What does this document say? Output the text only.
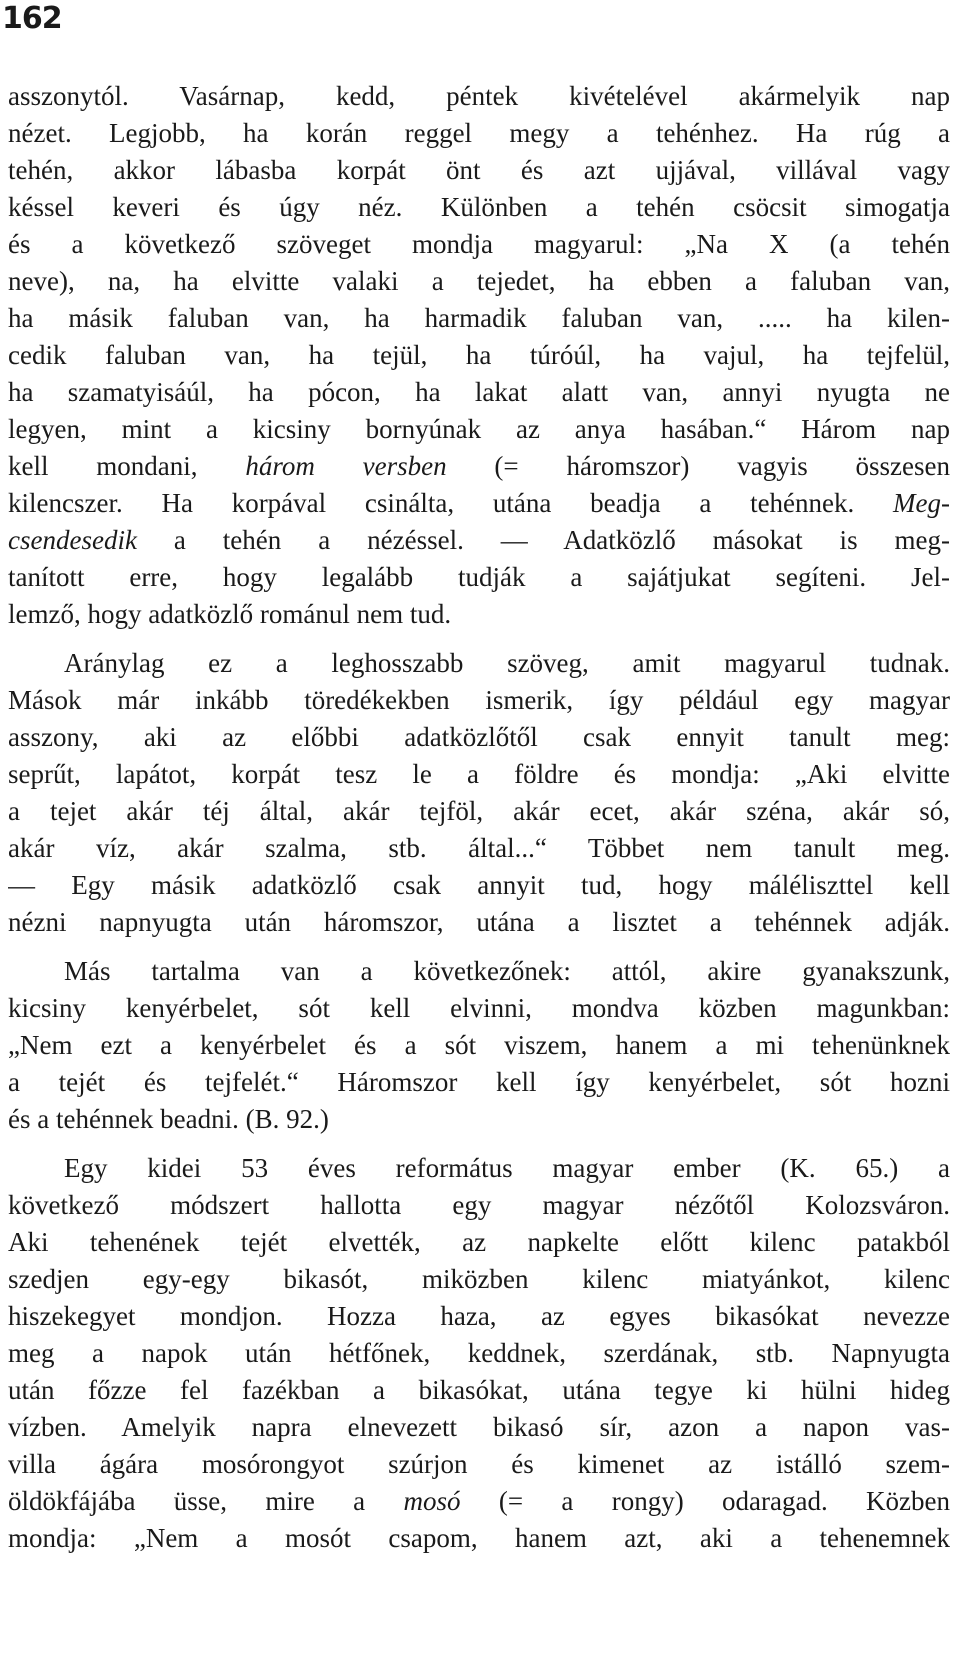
162
asszonytól. Vasárnap, kedd, péntek kivételével akármelyik nap
nézet. Legjobb, ha korán reggel megy a tehénhez. Ha rúg a
tehén, akkor lábasba korpát önt és azt ujjával, villával vagy
késsel keveri és úgy néz. Különben a tehén csöcsit simogatja
és a következő szöveget mondja magyarul: „Na X (a tehén
neve), na, ha elvitte valaki a tejedet, ha ebben a faluban van,
ha másik faluban van, ha harmadik faluban van, ..... ha kilen-
cedik faluban van, ha tejül, ha túróúl, ha vajul, ha tejfelül,
ha szamatyisáúl, ha pócon, ha lakat alatt van, annyi nyugta ne
legyen, mint a kicsiny bornyúnak az anya hasában.“ Három nap
kell mondani, három versben (= háromszor) vagyis összesen
kilencszer. Ha korpával csinálta, utána beadja a tehénnek. Meg-
csendesedik a tehén a nézéssel. — Adatközlő másokat is meg-
tanított erre, hogy legalább tudják a sajátjukat segíteni. Jel-
lemző, hogy adatközlő románul nem tud.
Aránylag ez a leghosszabb szöveg, amit magyarul tudnak.
Mások már inkább töredékekben ismerik, így például egy magyar
asszony, aki az előbbi adatközlőtől csak ennyit tanult meg:
seprűt, lapátot, korpát tesz le a földre és mondja: „Aki elvitte
a tejet akár téj által, akár tejföl, akár ecet, akár széna, akár só,
akár víz, akár szalma, stb. által...“ Többet nem tanult meg.
— Egy másik adatközlő csak annyit tud, hogy máléliszttel kell
nézni napnyugta után háromszor, utána a lisztet a tehénnek adják.
Más tartalma van a következőnek: attól, akire gyanakszunk,
kicsiny kenyérbelet, sót kell elvinni, mondva közben magunkban:
„Nem ezt a kenyérbelet és a sót viszem, hanem a mi tehenünknek
a tejét és tejfelét.“ Háromszor kell így kenyérbelet, sót hozni
és a tehénnek beadni. (B. 92.)
Egy kidei 53 éves református magyar ember (K. 65.) a
következő módszert hallotta egy magyar nézőtől Kolozsváron.
Aki tehenének tejét elvették, az napkelte előtt kilenc patakból
szedjen egy-egy bikasót, miközben kilenc miatyánkot, kilenc
hiszekegyet mondjon. Hozza haza, az egyes bikasókat nevezze
meg a napok után hétfőnek, keddnek, szerdának, stb. Napnyugta
után főzze fel fazékban a bikasókat, utána tegye ki hülni hideg
vízben. Amelyik napra elnevezett bikasó sír, azon a napon vas-
villa ágára mosórongyot szúrjon és kimenet az istálló szem-
öldökfájába üsse, mire a mosó (= a rongy) odaragad. Közben
mondja: „Nem a mosót csapom, hanem azt, aki a tehenemnek
